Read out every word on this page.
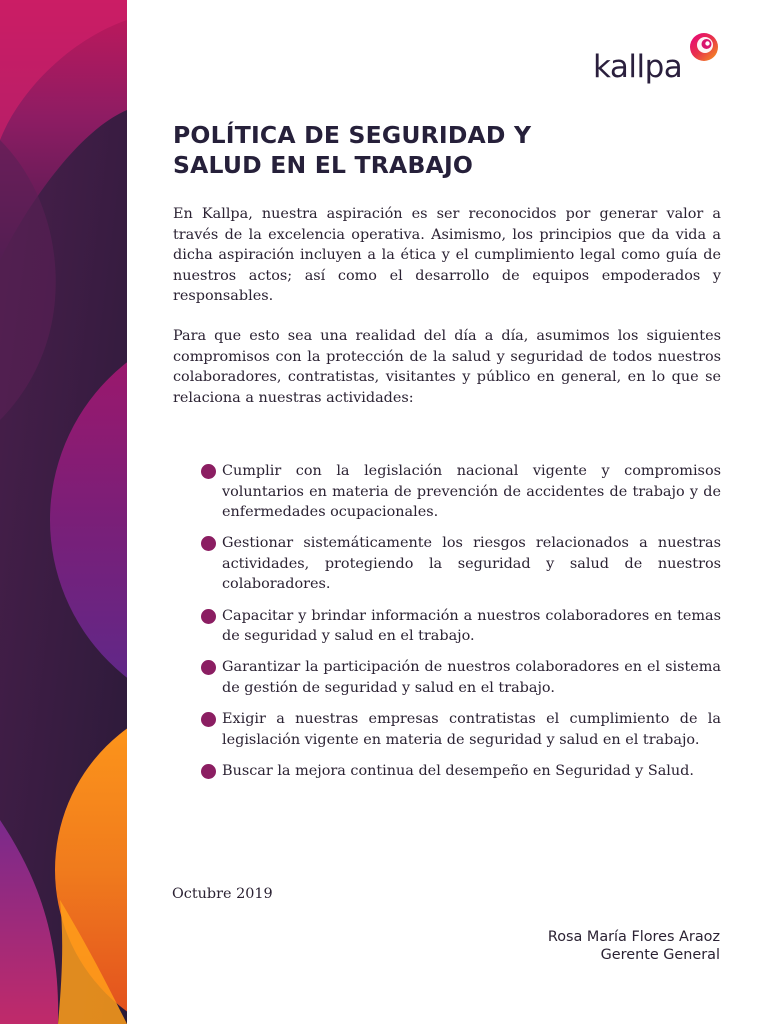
kallpa
POLÍTICA DE SEGURIDAD Y
SALUD EN EL TRABAJO

En Kallpa, nuestra aspiración es ser reconocidos por generar valor a través de la excelencia operativa. Asimismo, los principios que da vida a dicha aspiración incluyen a la ética y el cumplimiento legal como guía de nuestros actos; así como el desarrollo de equipos empoderados y responsables.

Para que esto sea una realidad del día a día, asumimos los siguientes compromisos con la protección de la salud y seguridad de todos nuestros colaboradores, contratistas, visitantes y público en general, en lo que se relaciona a nuestras actividades:

Cumplir con la legislación nacional vigente y compromisos voluntarios en materia de prevención de accidentes de trabajo y de enfermedades ocupacionales.
Gestionar sistemáticamente los riesgos relacionados a nuestras actividades, protegiendo la seguridad y salud de nuestros colaboradores.
Capacitar y brindar información a nuestros colaboradores en temas de seguridad y salud en el trabajo.
Garantizar la participación de nuestros colaboradores en el sistema de gestión de seguridad y salud en el trabajo.
Exigir a nuestras empresas contratistas el cumplimiento de la legislación vigente en materia de seguridad y salud en el trabajo.
Buscar la mejora continua del desempeño en Seguridad y Salud.

Octubre 2019

Rosa María Flores Araoz
Gerente General
